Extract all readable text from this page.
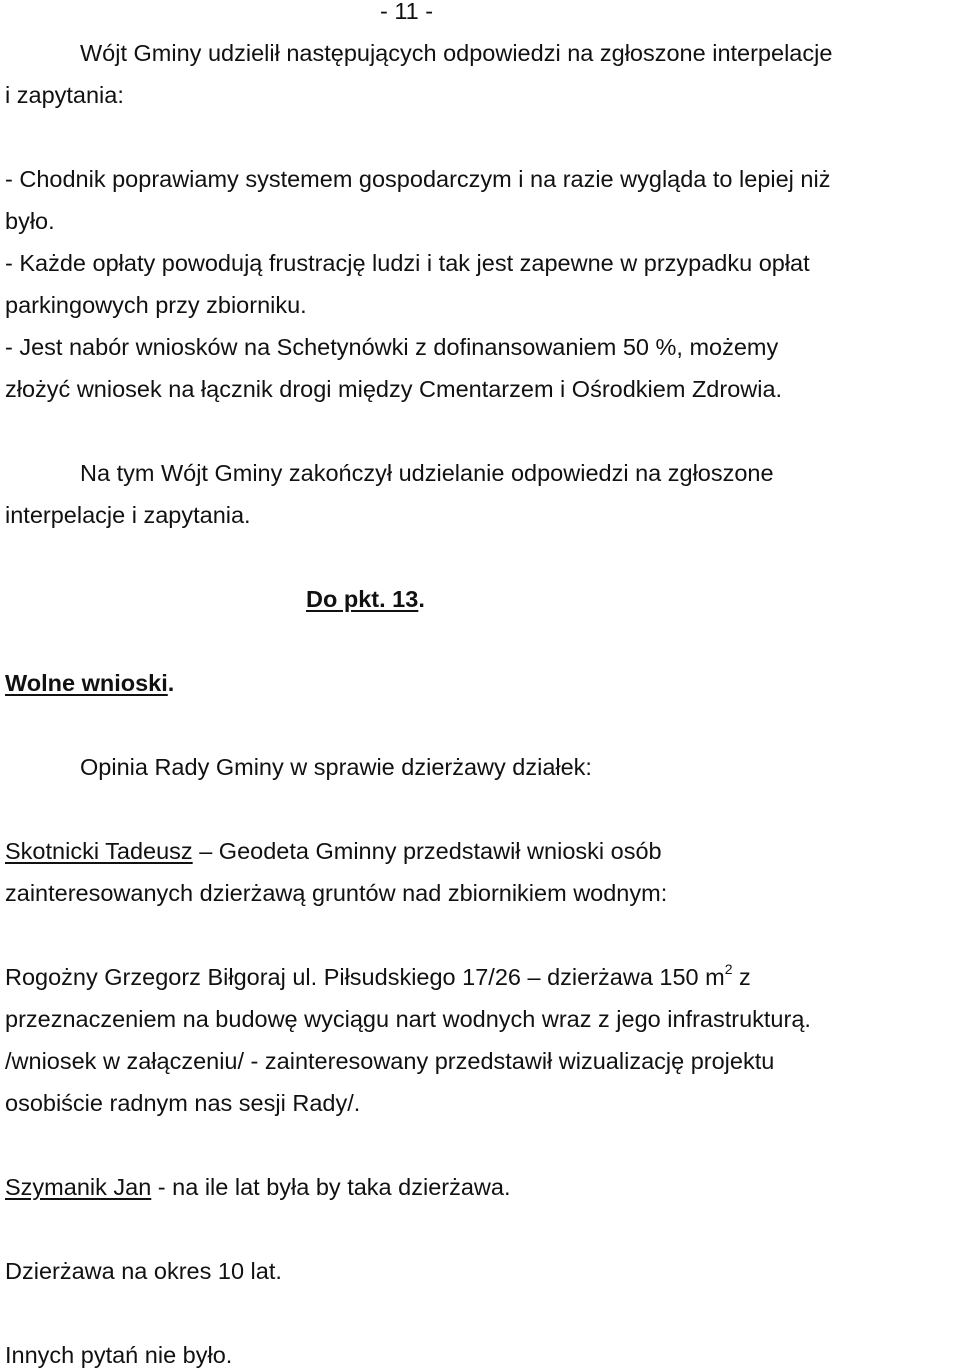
- 11 -
Wójt Gminy udzielił następujących odpowiedzi na zgłoszone interpelacje
i zapytania:
- Chodnik poprawiamy systemem gospodarczym i na razie wygląda to lepiej niż
było.
- Każde opłaty powodują frustrację ludzi i tak jest zapewne w przypadku opłat
parkingowych przy zbiorniku.
- Jest nabór wniosków na Schetynówki z dofinansowaniem 50 %, możemy
złożyć wniosek na łącznik drogi między Cmentarzem i Ośrodkiem Zdrowia.
Na tym Wójt Gminy zakończył udzielanie odpowiedzi na zgłoszone
interpelacje i zapytania.
Do pkt. 13.
Wolne wnioski.
Opinia Rady Gminy w sprawie dzierżawy działek:
Skotnicki Tadeusz – Geodeta Gminny przedstawił wnioski osób
zainteresowanych dzierżawą gruntów nad zbiornikiem wodnym:
Rogożny Grzegorz Biłgoraj ul. Piłsudskiego 17/26 – dzierżawa 150 $m^2$ z
przeznaczeniem na budowę wyciągu nart wodnych wraz z jego infrastrukturą.
/wniosek w załączeniu/ - zainteresowany przedstawił wizualizację projektu
osobiście radnym nas sesji Rady/.
Szymanik Jan - na ile lat była by taka dzierżawa.
Dzierżawa na okres 10 lat.
Innych pytań nie było.
